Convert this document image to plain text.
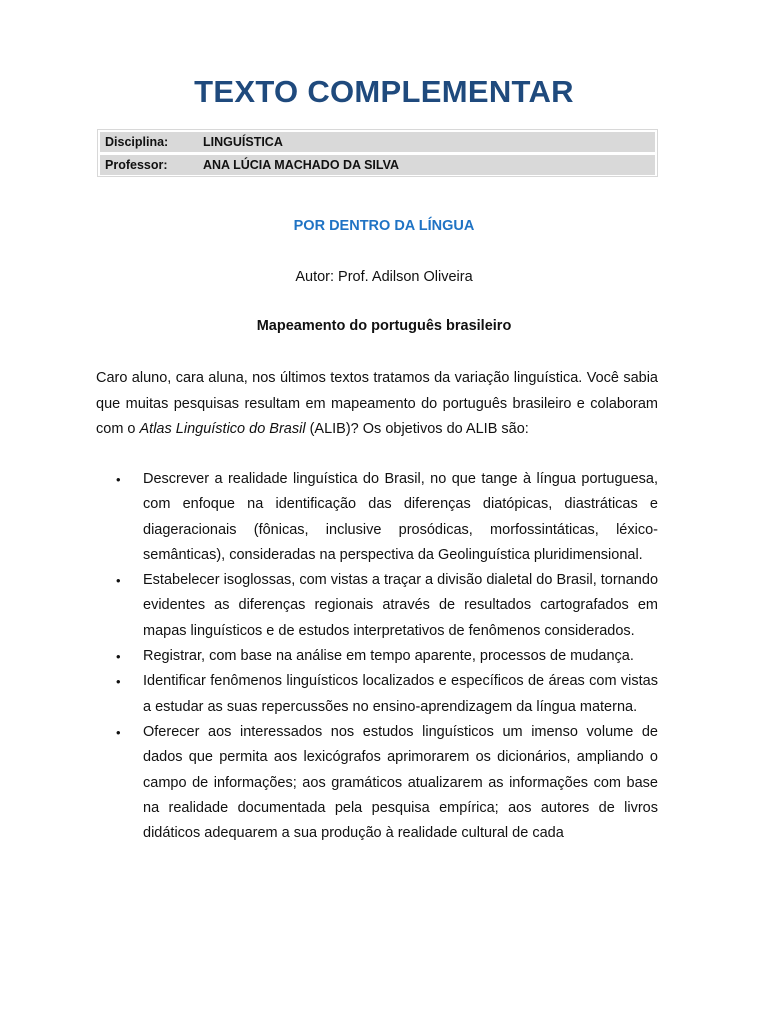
TEXTO COMPLEMENTAR
Disciplina:	LINGUÍSTICA
Professor:	ANA LÚCIA MACHADO DA SILVA
POR DENTRO DA LÍNGUA
Autor: Prof. Adilson Oliveira
Mapeamento do português brasileiro

Caro aluno, cara aluna, nos últimos textos tratamos da variação linguística. Você sabia que muitas pesquisas resultam em mapeamento do português brasileiro e colaboram com o Atlas Linguístico do Brasil (ALIB)? Os objetivos do ALIB são:

• Descrever a realidade linguística do Brasil, no que tange à língua portuguesa, com enfoque na identificação das diferenças diatópicas, diastráticas e diageracionais (fônicas, inclusive prosódicas, morfossintáticas, léxico-semânticas), consideradas na perspectiva da Geolinguística pluridimensional.
• Estabelecer isoglossas, com vistas a traçar a divisão dialetal do Brasil, tornando evidentes as diferenças regionais através de resultados cartografados em mapas linguísticos e de estudos interpretativos de fenômenos considerados.
• Registrar, com base na análise em tempo aparente, processos de mudança.
• Identificar fenômenos linguísticos localizados e específicos de áreas com vistas a estudar as suas repercussões no ensino-aprendizagem da língua materna.
• Oferecer aos interessados nos estudos linguísticos um imenso volume de dados que permita aos lexicógrafos aprimorarem os dicionários, ampliando o campo de informações; aos gramáticos atualizarem as informações com base na realidade documentada pela pesquisa empírica; aos autores de livros didáticos adequarem a sua produção à realidade cultural de cada
